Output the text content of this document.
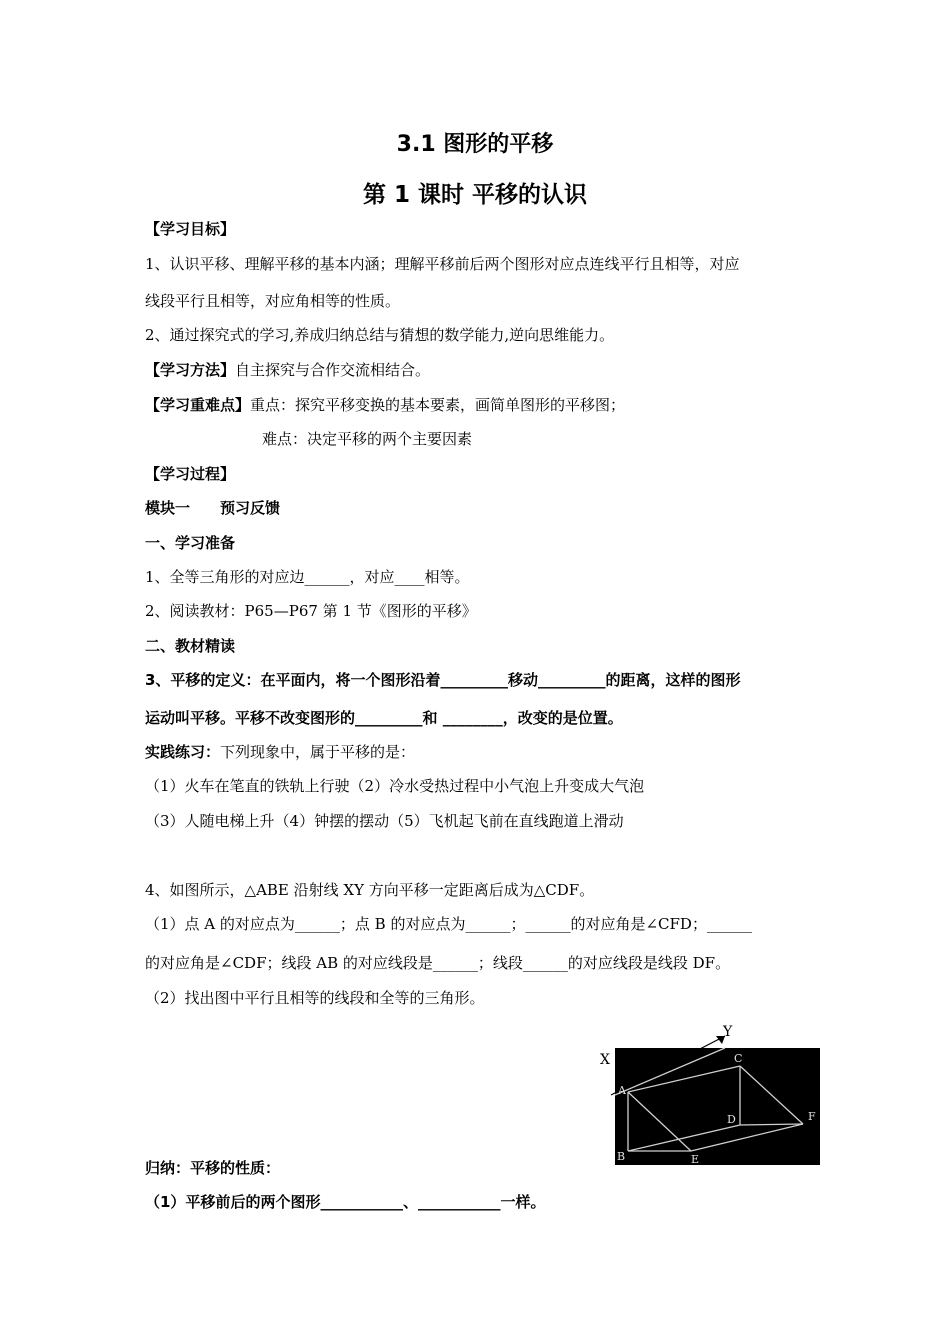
3.1 图形的平移
第 1 课时 平移的认识
【学习目标】
1、认识平移、理解平移的基本内涵；理解平移前后两个图形对应点连线平行且相等，对应
线段平行且相等，对应角相等的性质。
2、通过探究式的学习,养成归纳总结与猜想的数学能力,逆向思维能力。
【学习方法】自主探究与合作交流相结合。
【学习重难点】重点：探究平移变换的基本要素，画简单图形的平移图；
难点：决定平移的两个主要因素
【学习过程】
模块一　　预习反馈
一、学习准备
1、全等三角形的对应边______，对应____相等。
2、阅读教材：P65—P67 第 1 节《图形的平移》
二、教材精读
3、平移的定义：在平面内，将一个图形沿着_________移动_________的距离，这样的图形
运动叫平移。平移不改变图形的_________和 ________，改变的是位置。
实践练习：下列现象中，属于平移的是：
（1）火车在笔直的铁轨上行驶（2）冷水受热过程中小气泡上升变成大气泡
（3）人随电梯上升（4）钟摆的摆动（5）飞机起飞前在直线跑道上滑动
4、如图所示，△ABE 沿射线 XY 方向平移一定距离后成为△CDF。
（1）点 A 的对应点为______；点 B 的对应点为______；______的对应角是∠CFD；______
的对应角是∠CDF；线段 AB 的对应线段是______；线段______的对应线段是线段 DF。
（2）找出图中平行且相等的线段和全等的三角形。
A
B
C
D
E
F
X
Y
归纳：平移的性质：
（1）平移前后的两个图形___________、___________一样。
